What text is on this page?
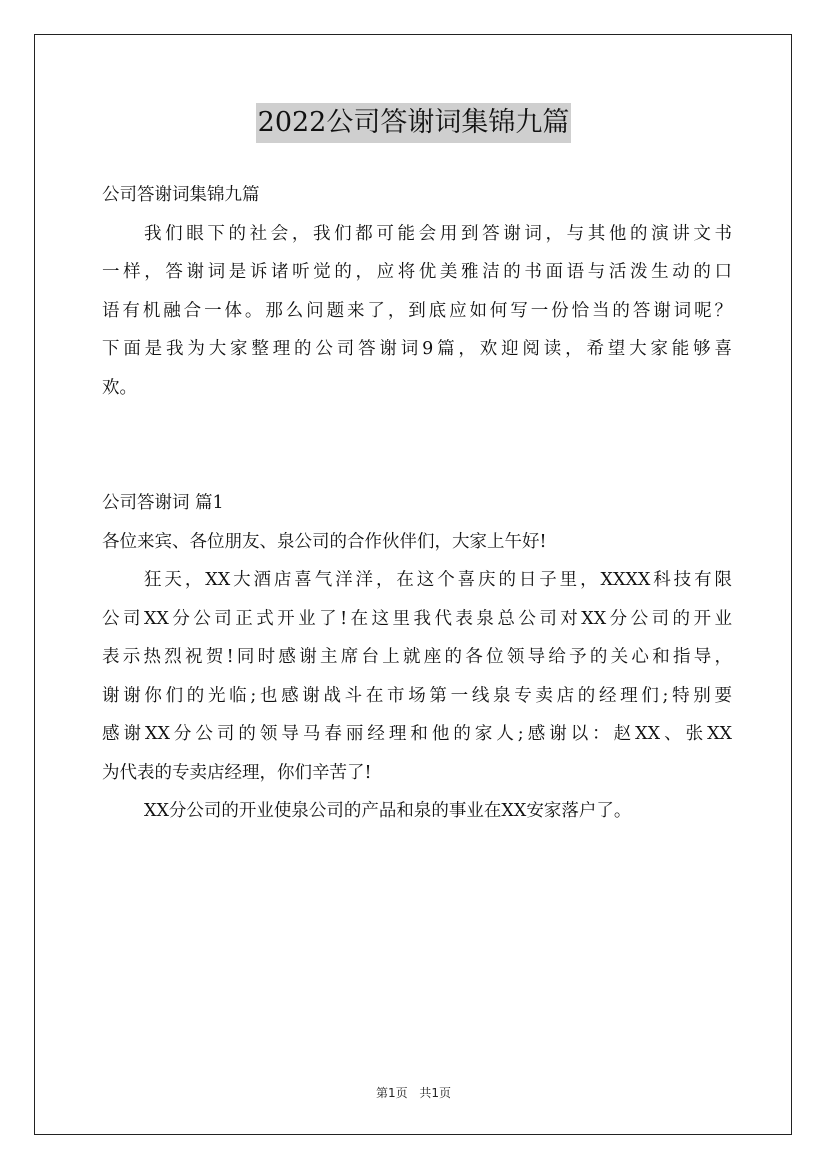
2022公司答谢词集锦九篇
公司答谢词集锦九篇
我们眼下的社会，我们都可能会用到答谢词，与其他的演讲文书
一样，答谢词是诉诸听觉的，应将优美雅洁的书面语与活泼生动的口
语有机融合一体。那么问题来了，到底应如何写一份恰当的答谢词呢？
下面是我为大家整理的公司答谢词9篇，欢迎阅读，希望大家能够喜
欢。
公司答谢词 篇1
各位来宾、各位朋友、泉公司的合作伙伴们，大家上午好!
狂天，XX大酒店喜气洋洋，在这个喜庆的日子里，XXXX科技有限
公司XX分公司正式开业了!在这里我代表泉总公司对XX分公司的开业
表示热烈祝贺!同时感谢主席台上就座的各位领导给予的关心和指导，
谢谢你们的光临;也感谢战斗在市场第一线泉专卖店的经理们;特别要
感谢XX分公司的领导马春丽经理和他的家人;感谢以：赵XX、张XX
为代表的专卖店经理，你们辛苦了!
XX分公司的开业使泉公司的产品和泉的事业在XX安家落户了。
第1页 共1页
